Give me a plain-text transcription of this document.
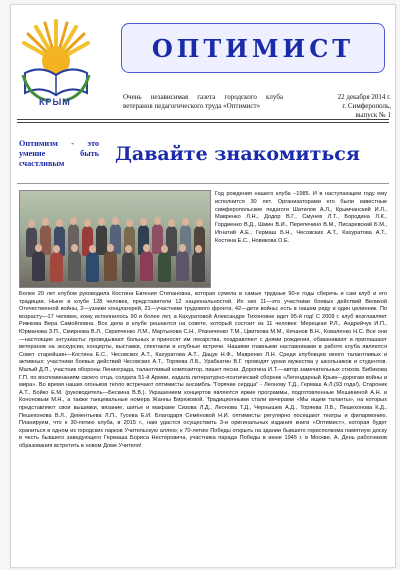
КРЫМ
ОПТИМИСТ
Очень независимая газета городского клуба ветеранов педагогического труда «Оптимист»
22 декабря 2014 г.
г. Симферополь,
выпуск № 1
Оптимизм - это умение быть счастливым	Давайте знакомиться
Год рождения нашего клуба –1985. И в наступающем году ему исполнится 30 лет. Организаторами его были известные симферопольские педагоги Шатилов А.Л., Крымчанский И.Л., Мавренко Л.Н., Додор В.Г., Смунев Л.Т., Бородина Л.К., Гордиенко В.Д., Шмин В.И., Перепечино В.М., Писаревский Б.М., Игнатий А.Е., Гермаш Б.Н., Чесовских А.Т., Кахуратова А.Т., Костина Е.С., Новикова О.Е.
Более 20 лет клубом руководила Костина Евгения Степановна, которая сумела в самые трудные 90-е годы сберечь и сам клуб и его традиции. Ныне в клубе 128 человек, представители 12 национальностей. Их них 11—это участники боевых действий Великой Отечественной войны, 2—узники концлагерей, 21—участники трудового фронта, 42—дети войны; есть в нашем ряду и один целинник. По возрасту—17 человек, кому исполнилось 90 и более лет, а Кахуратовой Александре Тихоновне идет 95-й год! С 2009 г. клуб возглавляет Рижкова Вера Самойловна. Все дела в клубе решаются на совете, который состоит из 11 человек: Мерецкая Р.Л., Андрейчук И.П., Юрманова З.П., Смирнова В.Л., Скрипченко Л.М., Мартынова С.Н., Рязниченко Т.М., Цвиткова М.М., Кечанов В.Н., Коваленко Н.С. Все они—настоящие энтузиасты: проведывают больных и приносят им лекарства, поздравляют с днями рождения, обзванивают и приглашают ветеранов на экскурсии, концерты, выставки, спектакли и клубные встречи. Нашими главными наставниками в работе клуба являются Совет старейшин—Костина Е.С., Чесовских А.Т., Кахуратова А.Т., Дацук Н.Ф., Мавренко Л.Н. Среди клубовцев много талантливых и активных: участники боевых действий Чесовских А.Т., Торяева Л.Б., Урабкатин В.Г. проводят уроки мужества у школьников и студентов. Малый Д.П., участник обороны Ленинграда, талантливый композитор, пишет песни. Дорогина И.Т.—автор замечательных стихов. Бибикова Г.П. по воспоминаниям своего отца, солдата 51-й Армии, издала литературно-поэтический сборник «Легендарный Крым—дорогам войны и мира». Во время наших огоньков тепло встречают оптимисты ансамбль "Горячие сердца" - Леонову Т.Д., Гермаш А.Л.(93 года!), Староник А.Т., Бойко Е.М. (руководитель—Бескина В.В.). Украшением концертов являются яркие программы, подготовленные Мешининой А.Н. и Кононовым М.Н., а также танцевальные номера Жанны Бирюковой. Традиционными стали вечерами «Мы ищем таланты», на которых представляют свои вышивки, вязание, шитье и макраме Сизова Л.Д., Леонова Т.Д., Чернышев А.Д., Торяева Л.Б., Пешехонова К.Д., Пешехонова В.Л., Дементьева Л.П., Гусева Е.И. Благодаря Семёновой Н.И. оптимисты регулярно посещают театры и филармонию. Планируем, что к 30-летию клуба, в 2015 г., нам удастся осуществить 3-и оригинальных издания книги «Оптимист», которая будет храниться в одном из городских парков Учительскую аллею; к 70-летию Победы открыть на здании бывшего горисполкома памятную доску в честь бывшего заведующего Гермаша Бориса Нестеровича, участника парада Победы в июне 1945 г. в Москве. А. День работников образования встретить в новом Доме Учителя!
